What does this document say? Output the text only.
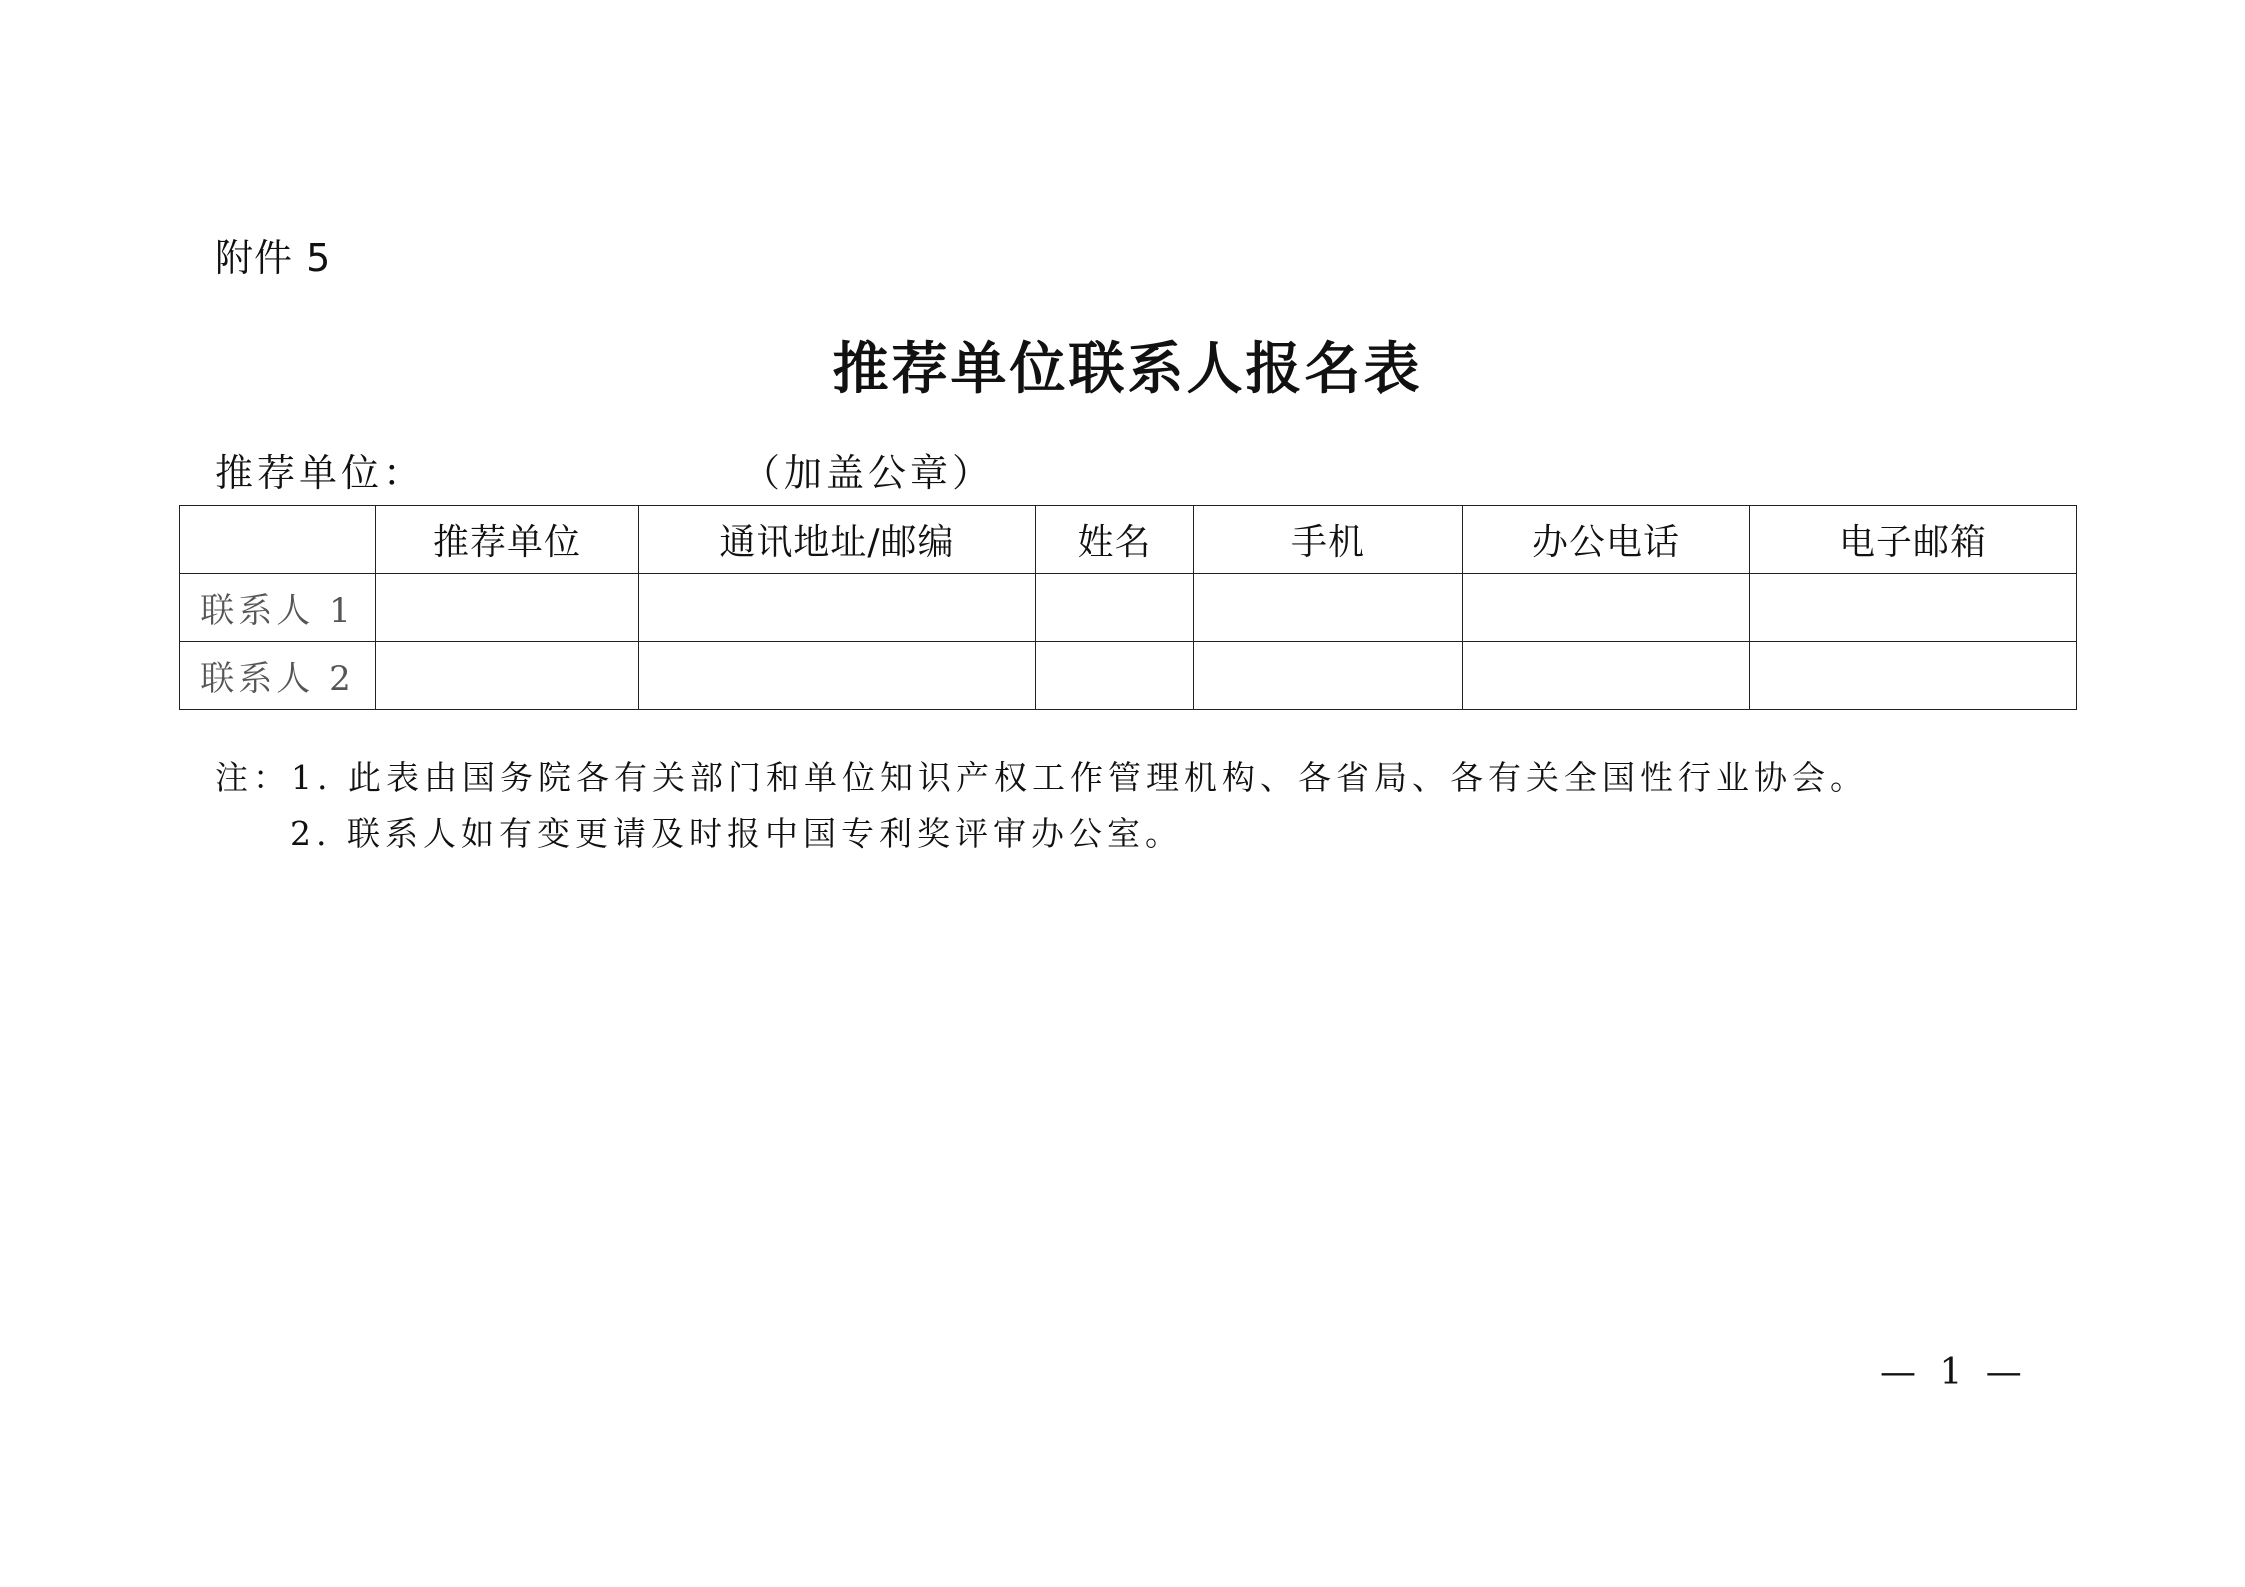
附件 5
推荐单位联系人报名表
推荐单位：	（加盖公章）
	推荐单位	通讯地址/邮编	姓名	手机	办公电话	电子邮箱
联系人 1						
联系人 2						
注：1. 此表由国务院各有关部门和单位知识产权工作管理机构、各省局、各有关全国性行业协会。
2. 联系人如有变更请及时报中国专利奖评审办公室。
— 1 —
